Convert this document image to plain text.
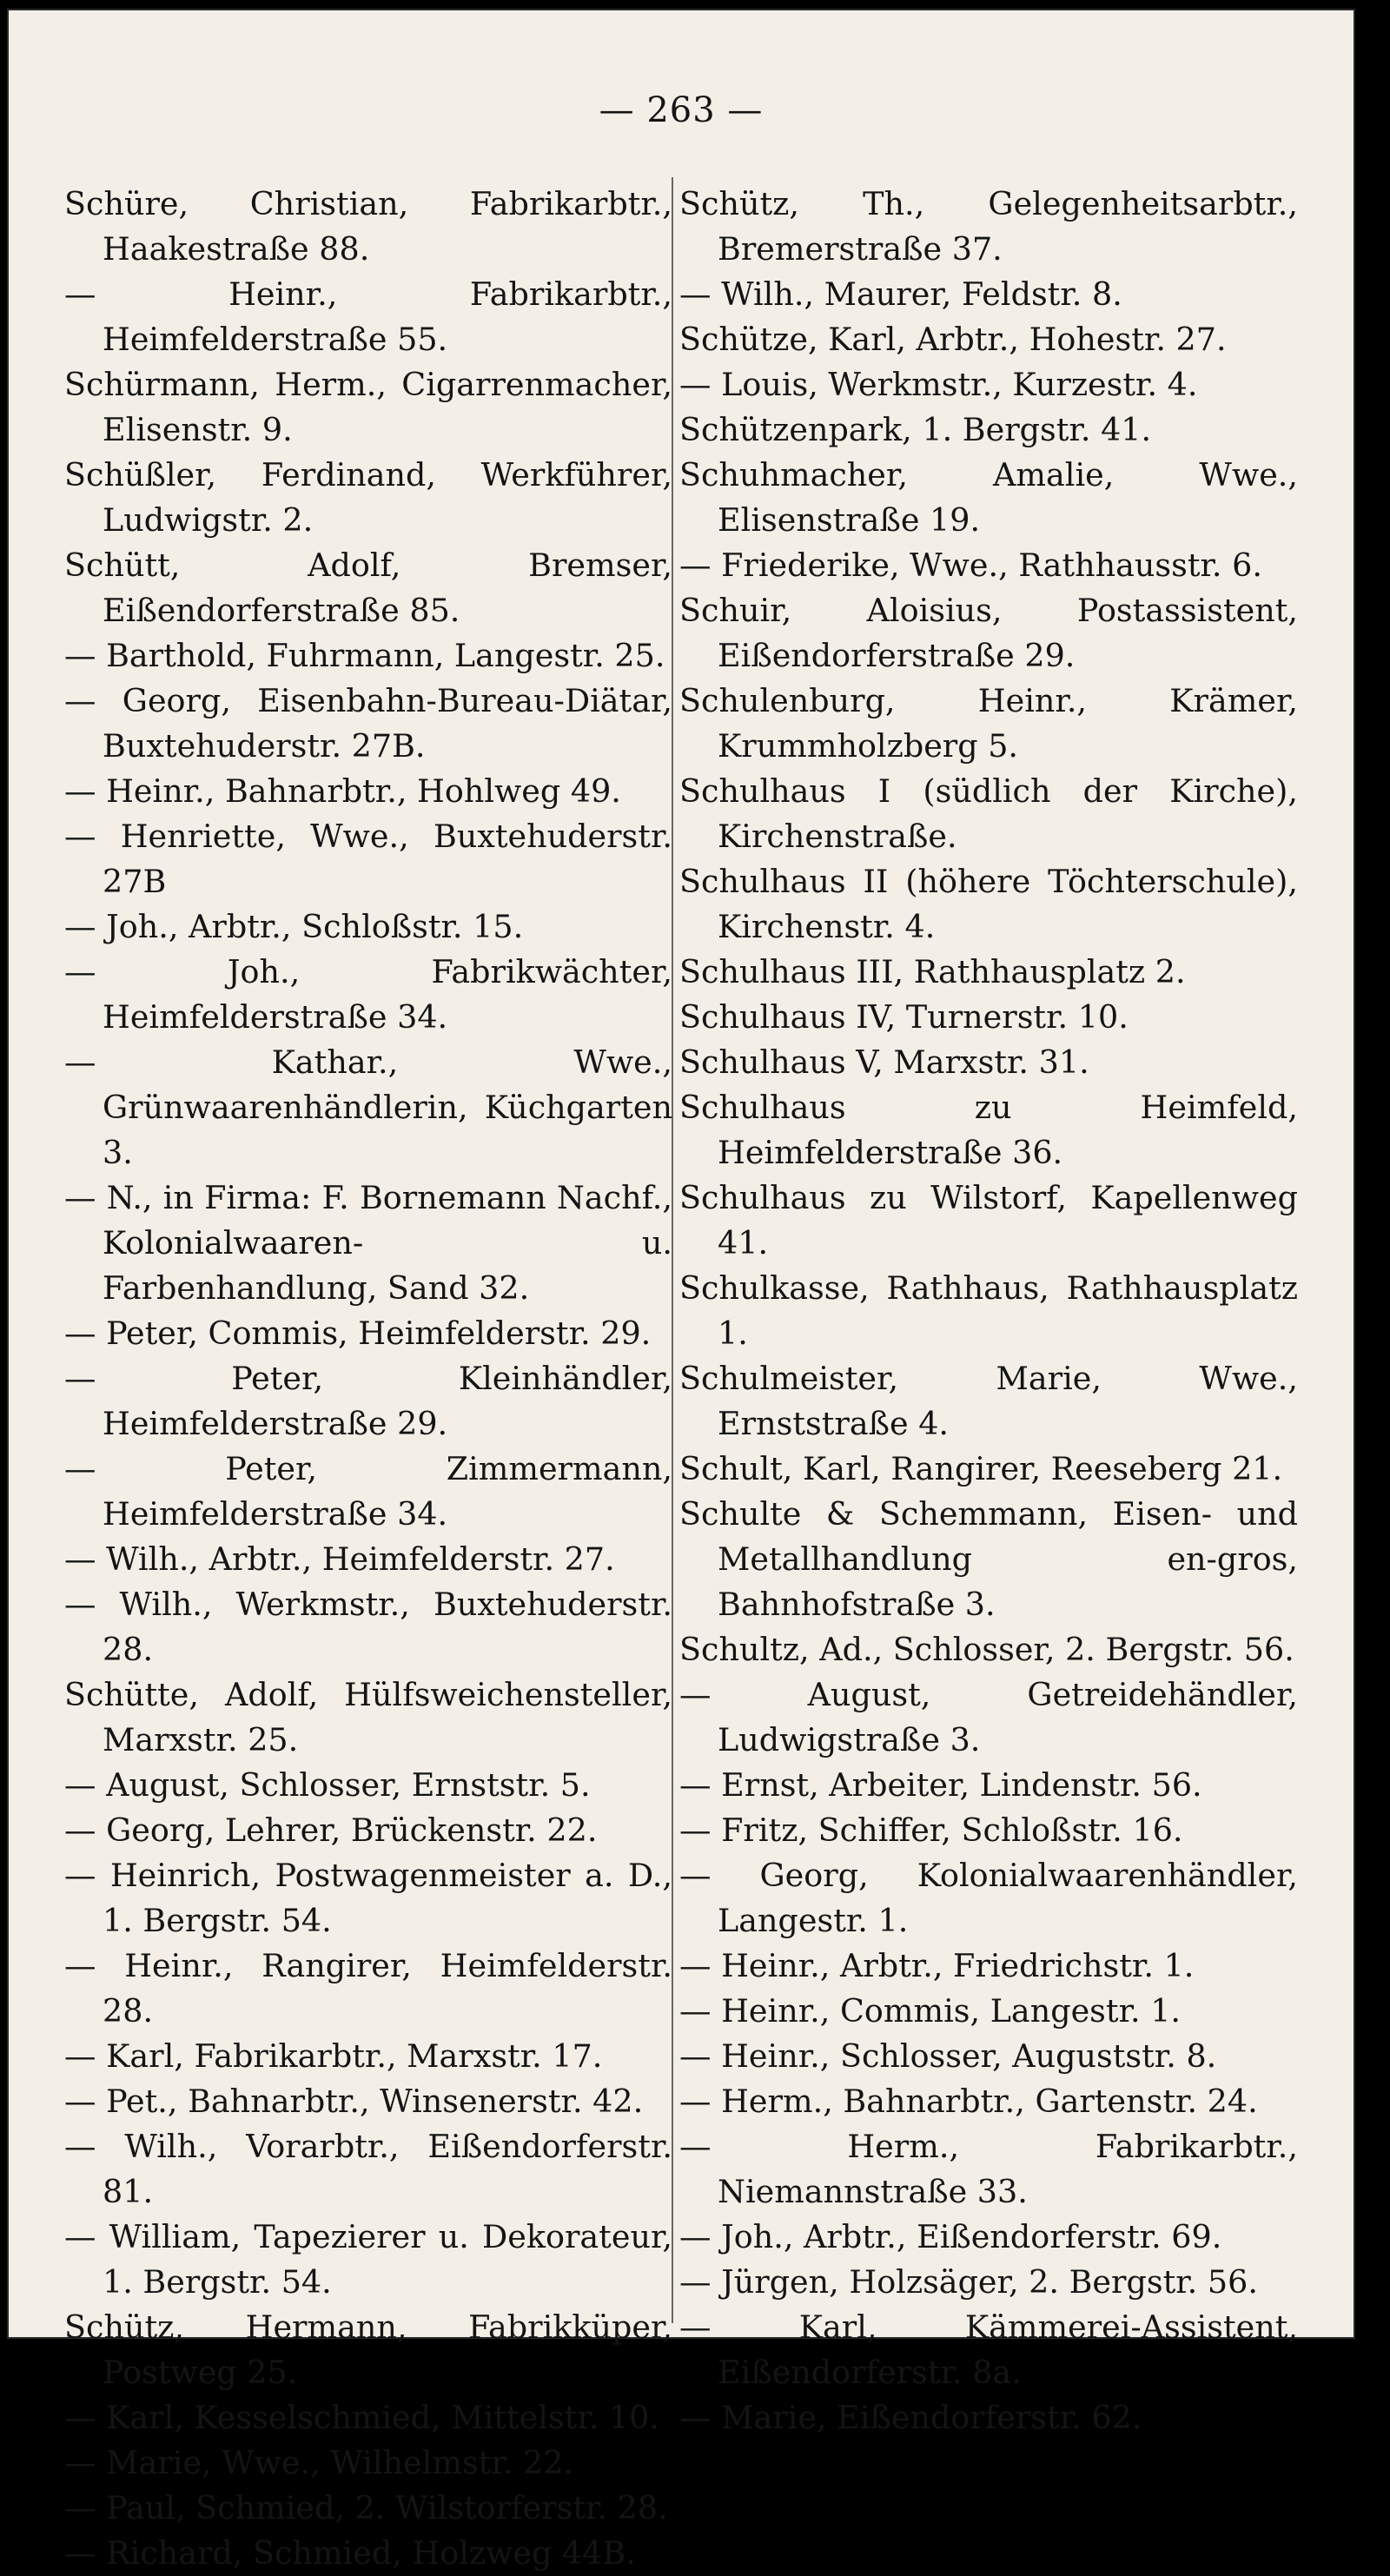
— 263 —
Schüre, Christian, Fabrikarbtr., Haakestraße 88.
— Heinr., Fabrikarbtr., Heimfelderstraße 55.
Schürmann, Herm., Cigarrenmacher, Elisenstr. 9.
Schüßler, Ferdinand, Werkführer, Ludwigstr. 2.
Schütt, Adolf, Bremser, Eißendorferstraße 85.
— Barthold, Fuhrmann, Langestr. 25.
— Georg, Eisenbahn-Bureau-Diätar, Buxtehuderstr. 27B.
— Heinr., Bahnarbtr., Hohlweg 49.
— Henriette, Wwe., Buxtehuderstr. 27B
— Joh., Arbtr., Schloßstr. 15.
— Joh., Fabrikwächter, Heimfelderstraße 34.
— Kathar., Wwe., Grünwaarenhändlerin, Küchgarten 3.
— N., in Firma: F. Bornemann Nachf., Kolonialwaaren- u. Farbenhandlung, Sand 32.
— Peter, Commis, Heimfelderstr. 29.
— Peter, Kleinhändler, Heimfelderstraße 29.
— Peter, Zimmermann, Heimfelderstraße 34.
— Wilh., Arbtr., Heimfelderstr. 27.
— Wilh., Werkmstr., Buxtehuderstr. 28.
Schütte, Adolf, Hülfsweichensteller, Marxstr. 25.
— August, Schlosser, Ernststr. 5.
— Georg, Lehrer, Brückenstr. 22.
— Heinrich, Postwagenmeister a. D., 1. Bergstr. 54.
— Heinr., Rangirer, Heimfelderstr. 28.
— Karl, Fabrikarbtr., Marxstr. 17.
— Pet., Bahnarbtr., Winsenerstr. 42.
— Wilh., Vorarbtr., Eißendorferstr. 81.
— William, Tapezierer u. Dekorateur, 1. Bergstr. 54.
Schütz, Hermann, Fabrikküper, Postweg 25.
— Karl, Kesselschmied, Mittelstr. 10.
— Marie, Wwe., Wilhelmstr. 22.
— Paul, Schmied, 2. Wilstorferstr. 28.
— Richard, Schmied, Holzweg 44B.
Schütz, Th., Gelegenheitsarbtr., Bremerstraße 37.
— Wilh., Maurer, Feldstr. 8.
Schütze, Karl, Arbtr., Hohestr. 27.
— Louis, Werkmstr., Kurzestr. 4.
Schützenpark, 1. Bergstr. 41.
Schuhmacher, Amalie, Wwe., Elisenstraße 19.
— Friederike, Wwe., Rathhausstr. 6.
Schuir, Aloisius, Postassistent, Eißendorferstraße 29.
Schulenburg, Heinr., Krämer, Krummholzberg 5.
Schulhaus I (südlich der Kirche), Kirchenstraße.
Schulhaus II (höhere Töchterschule), Kirchenstr. 4.
Schulhaus III, Rathhausplatz 2.
Schulhaus IV, Turnerstr. 10.
Schulhaus V, Marxstr. 31.
Schulhaus zu Heimfeld, Heimfelderstraße 36.
Schulhaus zu Wilstorf, Kapellenweg 41.
Schulkasse, Rathhaus, Rathhausplatz 1.
Schulmeister, Marie, Wwe., Ernststraße 4.
Schult, Karl, Rangirer, Reeseberg 21.
Schulte & Schemmann, Eisen- und Metallhandlung en-gros, Bahnhofstraße 3.
Schultz, Ad., Schlosser, 2. Bergstr. 56.
— August, Getreidehändler, Ludwigstraße 3.
— Ernst, Arbeiter, Lindenstr. 56.
— Fritz, Schiffer, Schloßstr. 16.
— Georg, Kolonialwaarenhändler, Langestr. 1.
— Heinr., Arbtr., Friedrichstr. 1.
— Heinr., Commis, Langestr. 1.
— Heinr., Schlosser, Auguststr. 8.
— Herm., Bahnarbtr., Gartenstr. 24.
— Herm., Fabrikarbtr., Niemannstraße 33.
— Joh., Arbtr., Eißendorferstr. 69.
— Jürgen, Holzsäger, 2. Bergstr. 56.
— Karl, Kämmerei-Assistent, Eißendorferstr. 8a.
— Marie, Eißendorferstr. 62.
